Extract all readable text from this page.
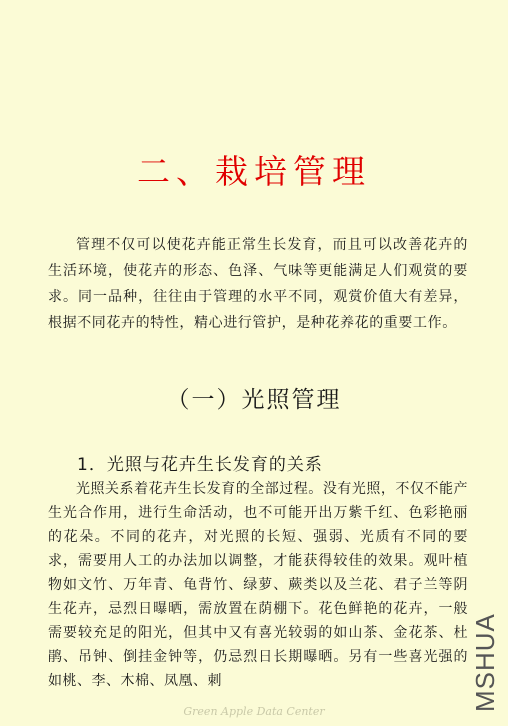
二、栽培管理

管理不仅可以使花卉能正常生长发育，而且可以改善花卉的生活环境，使花卉的形态、色泽、气味等更能满足人们观赏的要求。同一品种，往往由于管理的水平不同，观赏价值大有差异，根据不同花卉的特性，精心进行管护，是种花养花的重要工作。

（一）光照管理
1．光照与花卉生长发育的关系

光照关系着花卉生长发育的全部过程。没有光照，不仅不能产生光合作用，进行生命活动，也不可能开出万紫千红、色彩艳丽的花朵。不同的花卉，对光照的长短、强弱、光质有不同的要求，需要用人工的办法加以调整，才能获得较佳的效果。观叶植物如文竹、万年青、龟背竹、绿萝、蕨类以及兰花、君子兰等阴生花卉，忌烈日曝晒，需放置在荫棚下。花色鲜艳的花卉，一般需要较充足的阳光，但其中又有喜光较弱的如山茶、金花茶、杜鹃、吊钟、倒挂金钟等，仍忌烈日长期曝晒。另有一些喜光强的如桃、李、木棉、凤凰、刺	MSHUA

Green Apple Data Center
